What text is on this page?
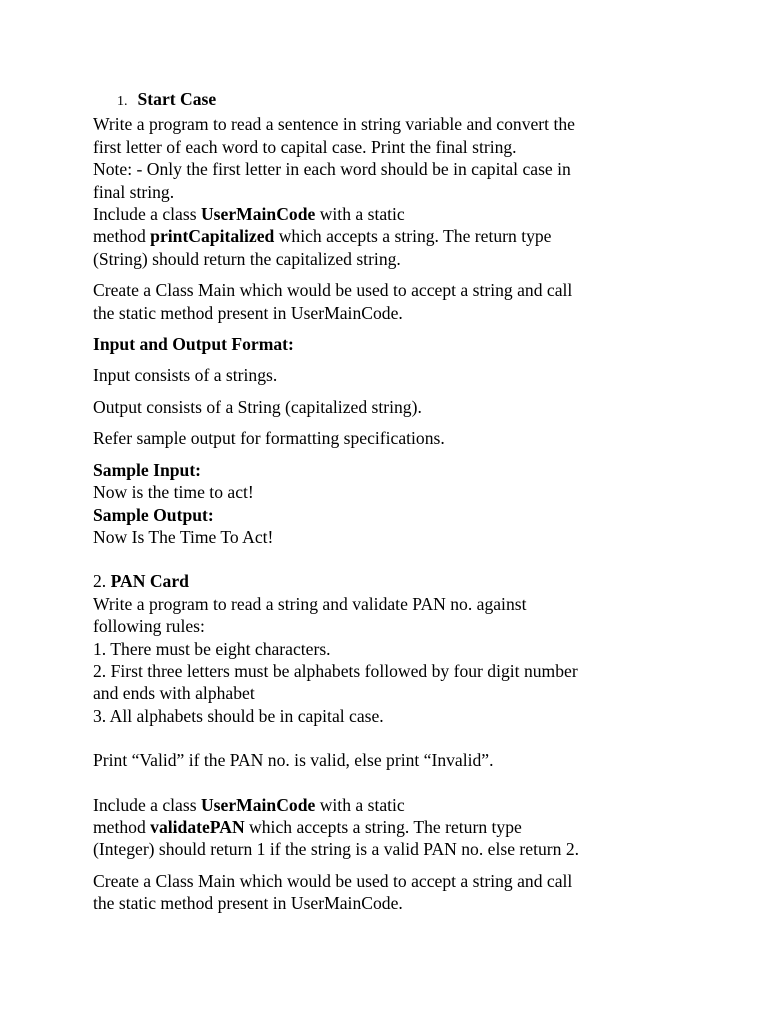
1. Start Case
Write a program to read a sentence in string variable and convert the
first letter of each word to capital case. Print the final string.
Note: - Only the first letter in each word should be in capital case in
final string.
Include a class UserMainCode with a static
method printCapitalized which accepts a string. The return type
(String) should return the capitalized string.
Create a Class Main which would be used to accept a string and call
the static method present in UserMainCode.
Input and Output Format:
Input consists of a strings.
Output consists of a String (capitalized string).
Refer sample output for formatting specifications.
Sample Input:
Now is the time to act!
Sample Output:
Now Is The Time To Act!
2. PAN Card
Write a program to read a string and validate PAN no. against
following rules:
1. There must be eight characters.
2. First three letters must be alphabets followed by four digit number
and ends with alphabet
3. All alphabets should be in capital case.
Print “Valid” if the PAN no. is valid, else print “Invalid”.
Include a class UserMainCode with a static
method validatePAN which accepts a string. The return type
(Integer) should return 1 if the string is a valid PAN no. else return 2.
Create a Class Main which would be used to accept a string and call
the static method present in UserMainCode.
